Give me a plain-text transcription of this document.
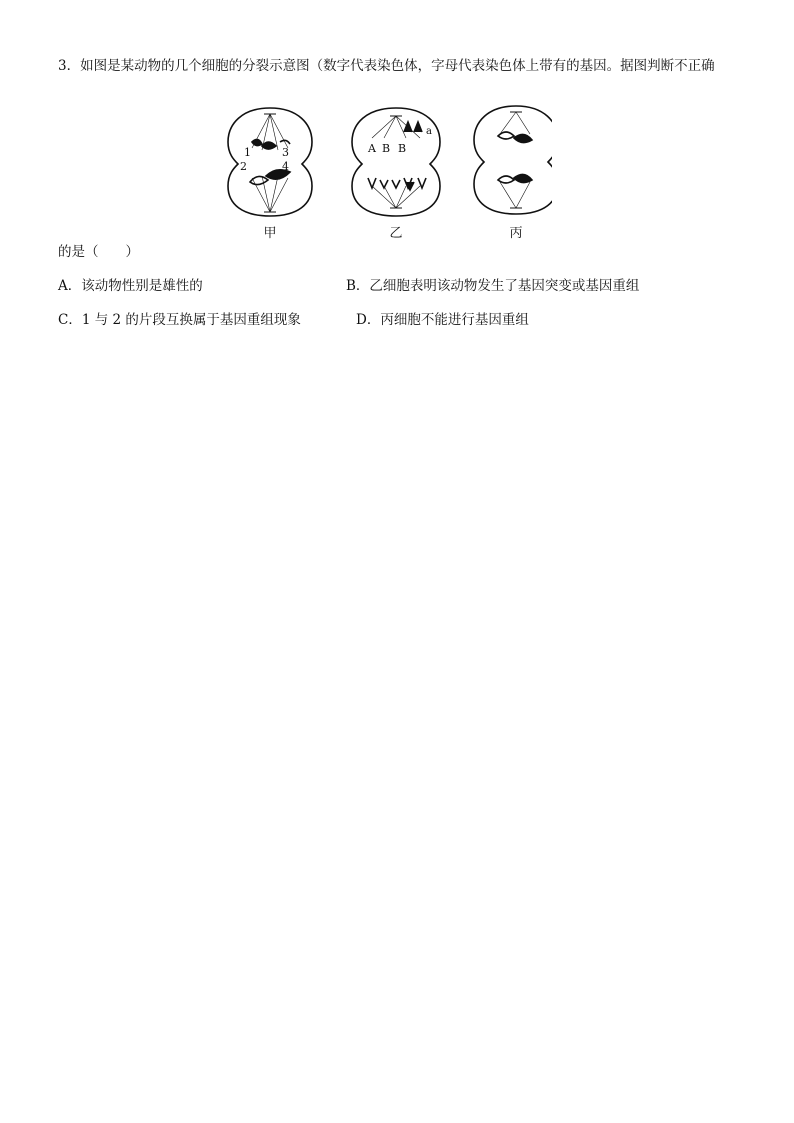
3．如图是某动物的几个细胞的分裂示意图（数字代表染色体，字母代表染色体上带有的基因。据图判断不正确
1
2
3
4
A B B
a
甲	乙	丙
的是（　　）
A．该动物性别是雄性的	B．乙细胞表明该动物发生了基因突变或基因重组
C．1 与 2 的片段互换属于基因重组现象	D．丙细胞不能进行基因重组
